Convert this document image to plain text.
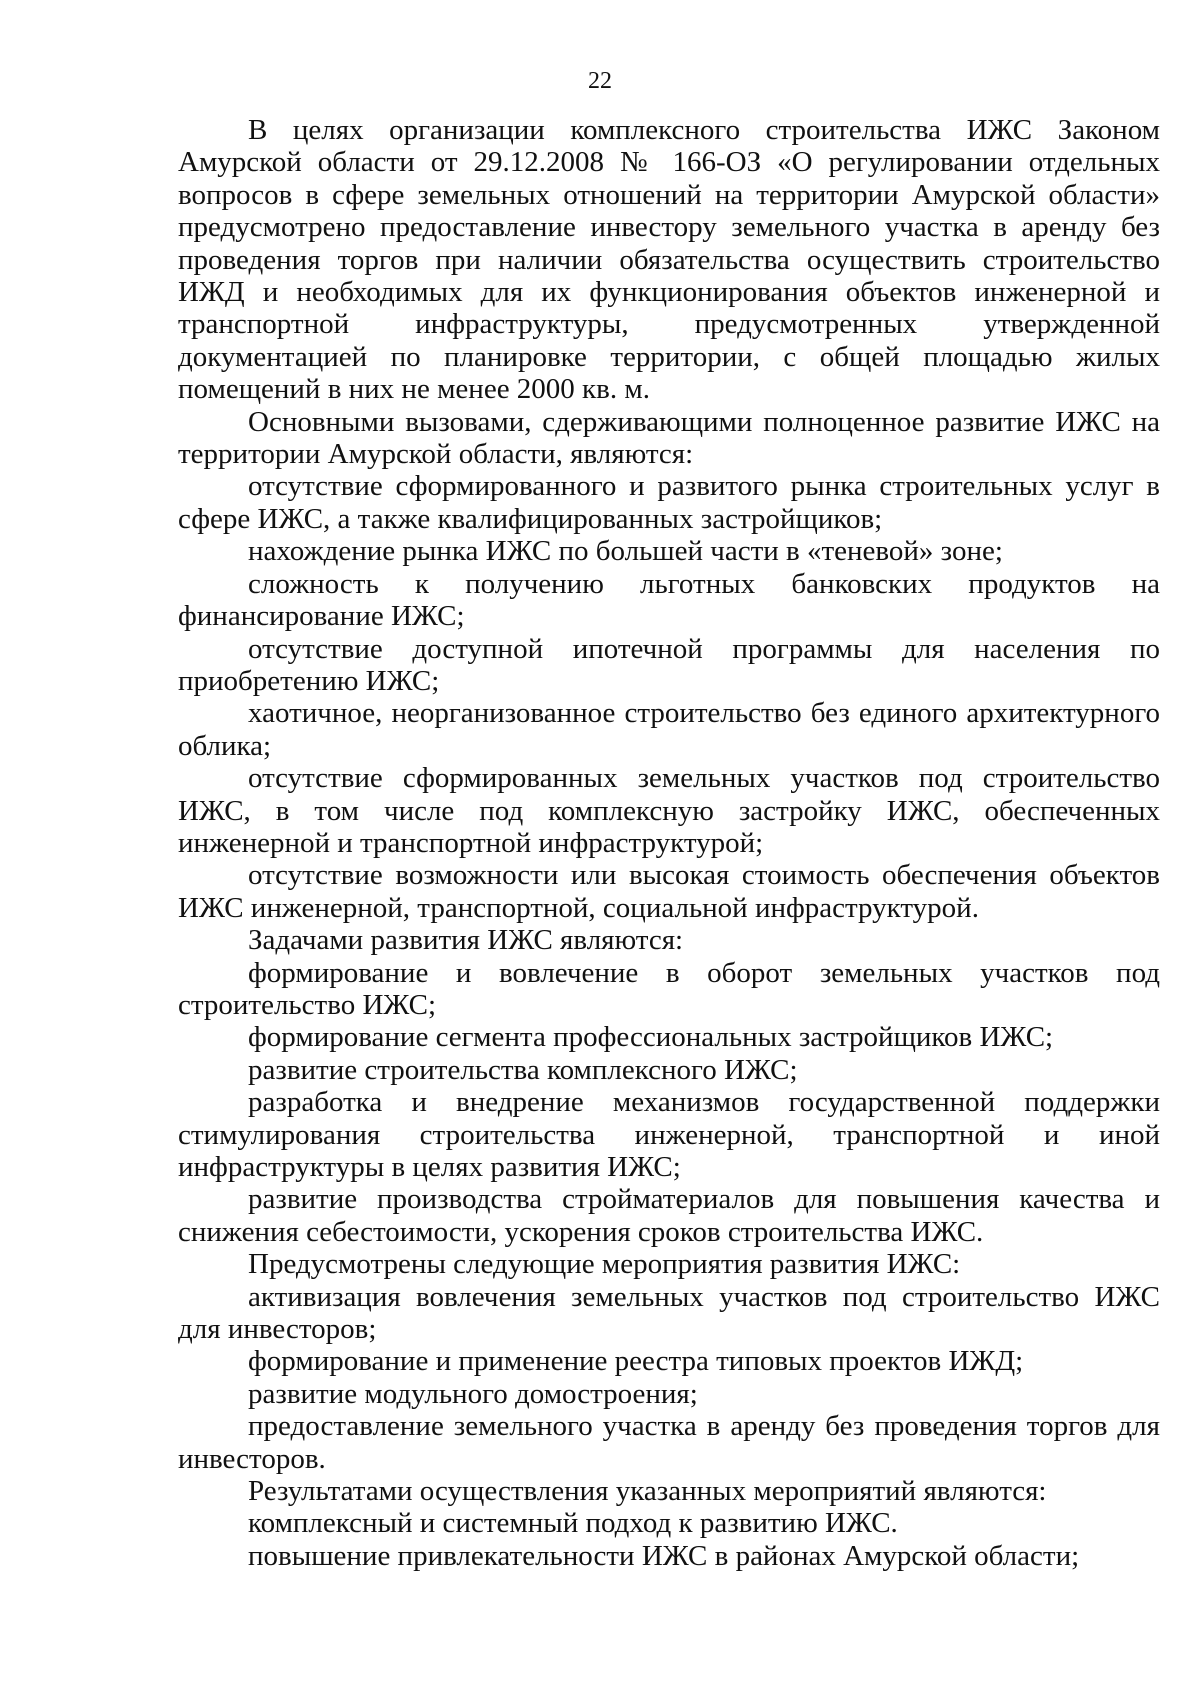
22

В целях организации комплексного строительства ИЖС Законом Амурской области от 29.12.2008 № 166-ОЗ «О регулировании отдельных вопросов в сфере земельных отношений на территории Амурской области» предусмотрено предоставление инвестору земельного участка в аренду без проведения торгов при наличии обязательства осуществить строительство ИЖД и необходимых для их функционирования объектов инженерной и транспортной инфраструктуры, предусмотренных утвержденной документацией по планировке территории, с общей площадью жилых помещений в них не менее 2000 кв. м.

Основными вызовами, сдерживающими полноценное развитие ИЖС на территории Амурской области, являются:

отсутствие сформированного и развитого рынка строительных услуг в сфере ИЖС, а также квалифицированных застройщиков;

нахождение рынка ИЖС по большей части в «теневой» зоне;

сложность к получению льготных банковских продуктов на финансирование ИЖС;

отсутствие доступной ипотечной программы для населения по приобретению ИЖС;

хаотичное, неорганизованное строительство без единого архитектурного облика;

отсутствие сформированных земельных участков под строительство ИЖС, в том числе под комплексную застройку ИЖС, обеспеченных инженерной и транспортной инфраструктурой;

отсутствие возможности или высокая стоимость обеспечения объектов ИЖС инженерной, транспортной, социальной инфраструктурой.

Задачами развития ИЖС являются:

формирование и вовлечение в оборот земельных участков под строительство ИЖС;

формирование сегмента профессиональных застройщиков ИЖС;

развитие строительства комплексного ИЖС;

разработка и внедрение механизмов государственной поддержки стимулирования строительства инженерной, транспортной и иной инфраструктуры в целях развития ИЖС;

развитие производства стройматериалов для повышения качества и снижения себестоимости, ускорения сроков строительства ИЖС.

Предусмотрены следующие мероприятия развития ИЖС:

активизация вовлечения земельных участков под строительство ИЖС для инвесторов;

формирование и применение реестра типовых проектов ИЖД;

развитие модульного домостроения;

предоставление земельного участка в аренду без проведения торгов для инвесторов.

Результатами осуществления указанных мероприятий являются:

комплексный и системный подход к развитию ИЖС.

повышение привлекательности ИЖС в районах Амурской области;
